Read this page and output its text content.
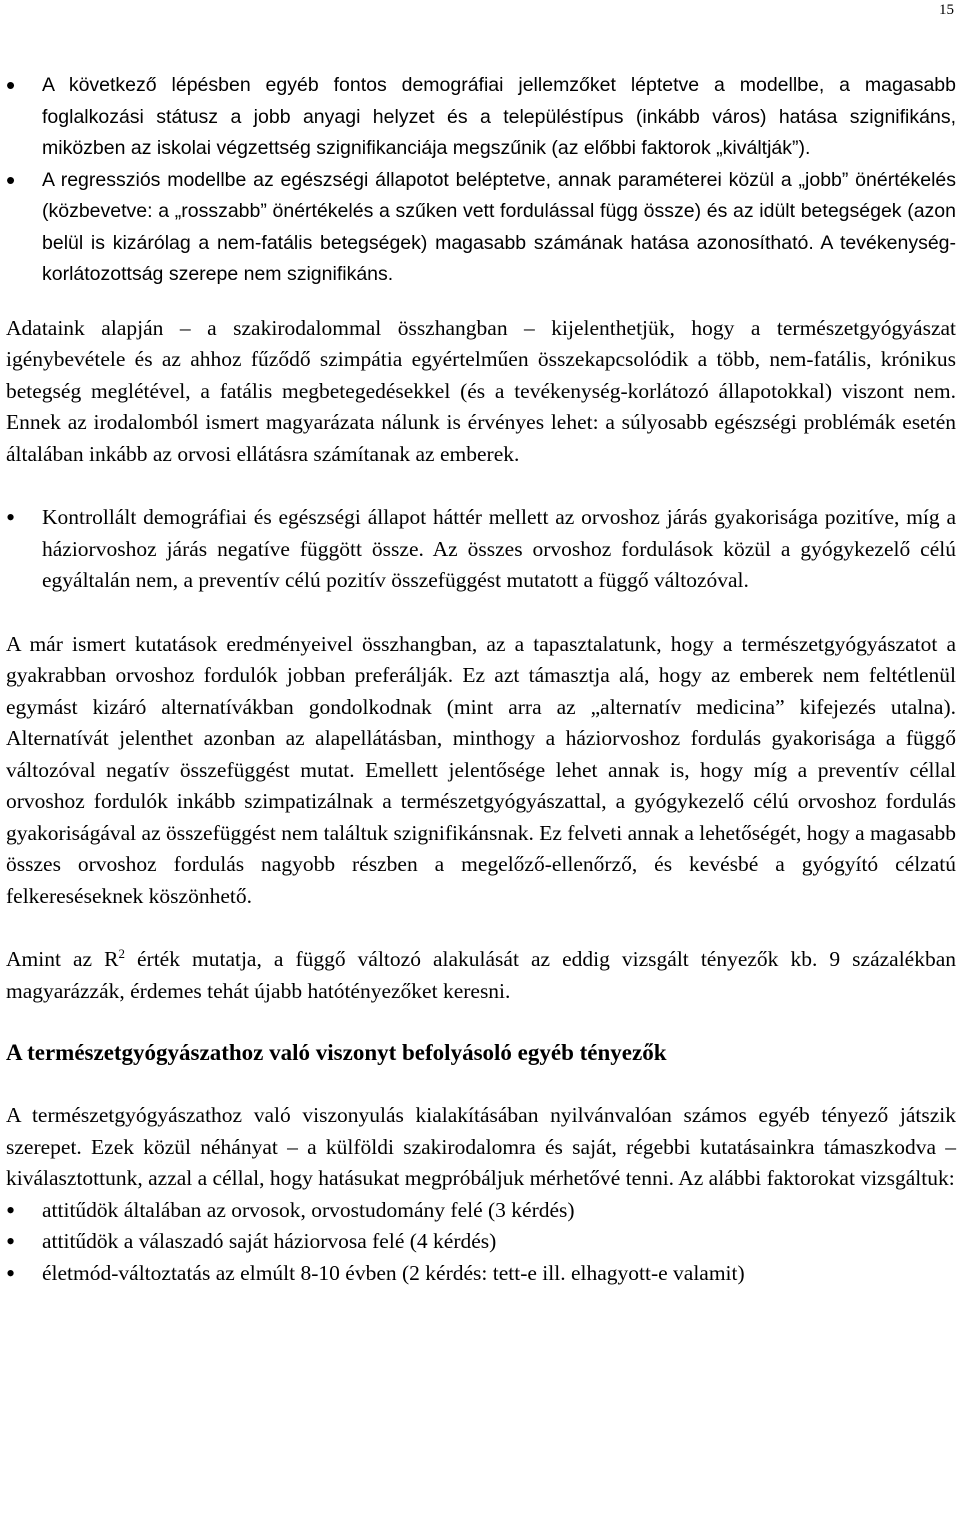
15
• A következő lépésben egyéb fontos demográfiai jellemzőket léptetve a modellbe, a magasabb foglalkozási státusz a jobb anyagi helyzet és a településtípus (inkább város) hatása szignifikáns, miközben az iskolai végzettség szignifikanciája megszűnik (az előbbi faktorok „kiváltják”).
• A regressziós modellbe az egészségi állapotot beléptetve, annak paraméterei közül a „jobb” önértékelés (közbevetve: a „rosszabb” önértékelés a szűken vett fordulással függ össze) és az idült betegségek (azon belül is kizárólag a nem-fatális betegségek) magasabb számának hatása azonosítható. A tevékenység-korlátozottság szerepe nem szignifikáns.

Adataink alapján – a szakirodalommal összhangban – kijelenthetjük, hogy a természetgyógyászat igénybevétele és az ahhoz fűződő szimpátia egyértelműen összekapcsolódik a több, nem-fatális, krónikus betegség meglétével, a fatális megbetegedésekkel (és a tevékenység-korlátozó állapotokkal) viszont nem. Ennek az irodalomból ismert magyarázata nálunk is érvényes lehet: a súlyosabb egészségi problémák esetén általában inkább az orvosi ellátásra számítanak az emberek.

• Kontrollált demográfiai és egészségi állapot háttér mellett az orvoshoz járás gyakorisága pozitíve, míg a háziorvoshoz járás negatíve függött össze. Az összes orvoshoz fordulások közül a gyógykezelő célú egyáltalán nem, a preventív célú pozitív összefüggést mutatott a függő változóval.

A már ismert kutatások eredményeivel összhangban, az a tapasztalatunk, hogy a természetgyógyászatot a gyakrabban orvoshoz fordulók jobban preferálják. Ez azt támasztja alá, hogy az emberek nem feltétlenül egymást kizáró alternatívákban gondolkodnak (mint arra az „alternatív medicina” kifejezés utalna). Alternatívát jelenthet azonban az alapellátásban, minthogy a háziorvoshoz fordulás gyakorisága a függő változóval negatív összefüggést mutat. Emellett jelentősége lehet annak is, hogy míg a preventív céllal orvoshoz fordulók inkább szimpatizálnak a természetgyógyászattal, a gyógykezelő célú orvoshoz fordulás gyakoriságával az összefüggést nem találtuk szignifikánsnak. Ez felveti annak a lehetőségét, hogy a magasabb összes orvoshoz fordulás nagyobb részben a megelőző-ellenőrző, és kevésbé a gyógyító célzatú felkereséseknek köszönhető.

Amint az $R^2$ érték mutatja, a függő változó alakulását az eddig vizsgált tényezők kb. 9 százalékban magyarázzák, érdemes tehát újabb hatótényezőket keresni.

A természetgyógyászathoz való viszonyt befolyásoló egyéb tényezők

A természetgyógyászathoz való viszonyulás kialakításában nyilvánvalóan számos egyéb tényező játszik szerepet. Ezek közül néhányat – a külföldi szakirodalomra és saját, régebbi kutatásainkra támaszkodva – kiválasztottunk, azzal a céllal, hogy hatásukat megpróbáljuk mérhetővé tenni. Az alábbi faktorokat vizsgáltuk:

• attitűdök általában az orvosok, orvostudomány felé (3 kérdés)
• attitűdök a válaszadó saját háziorvosa felé (4 kérdés)
• életmód-változtatás az elmúlt 8-10 évben (2 kérdés: tett-e ill. elhagyott-e valamit)
